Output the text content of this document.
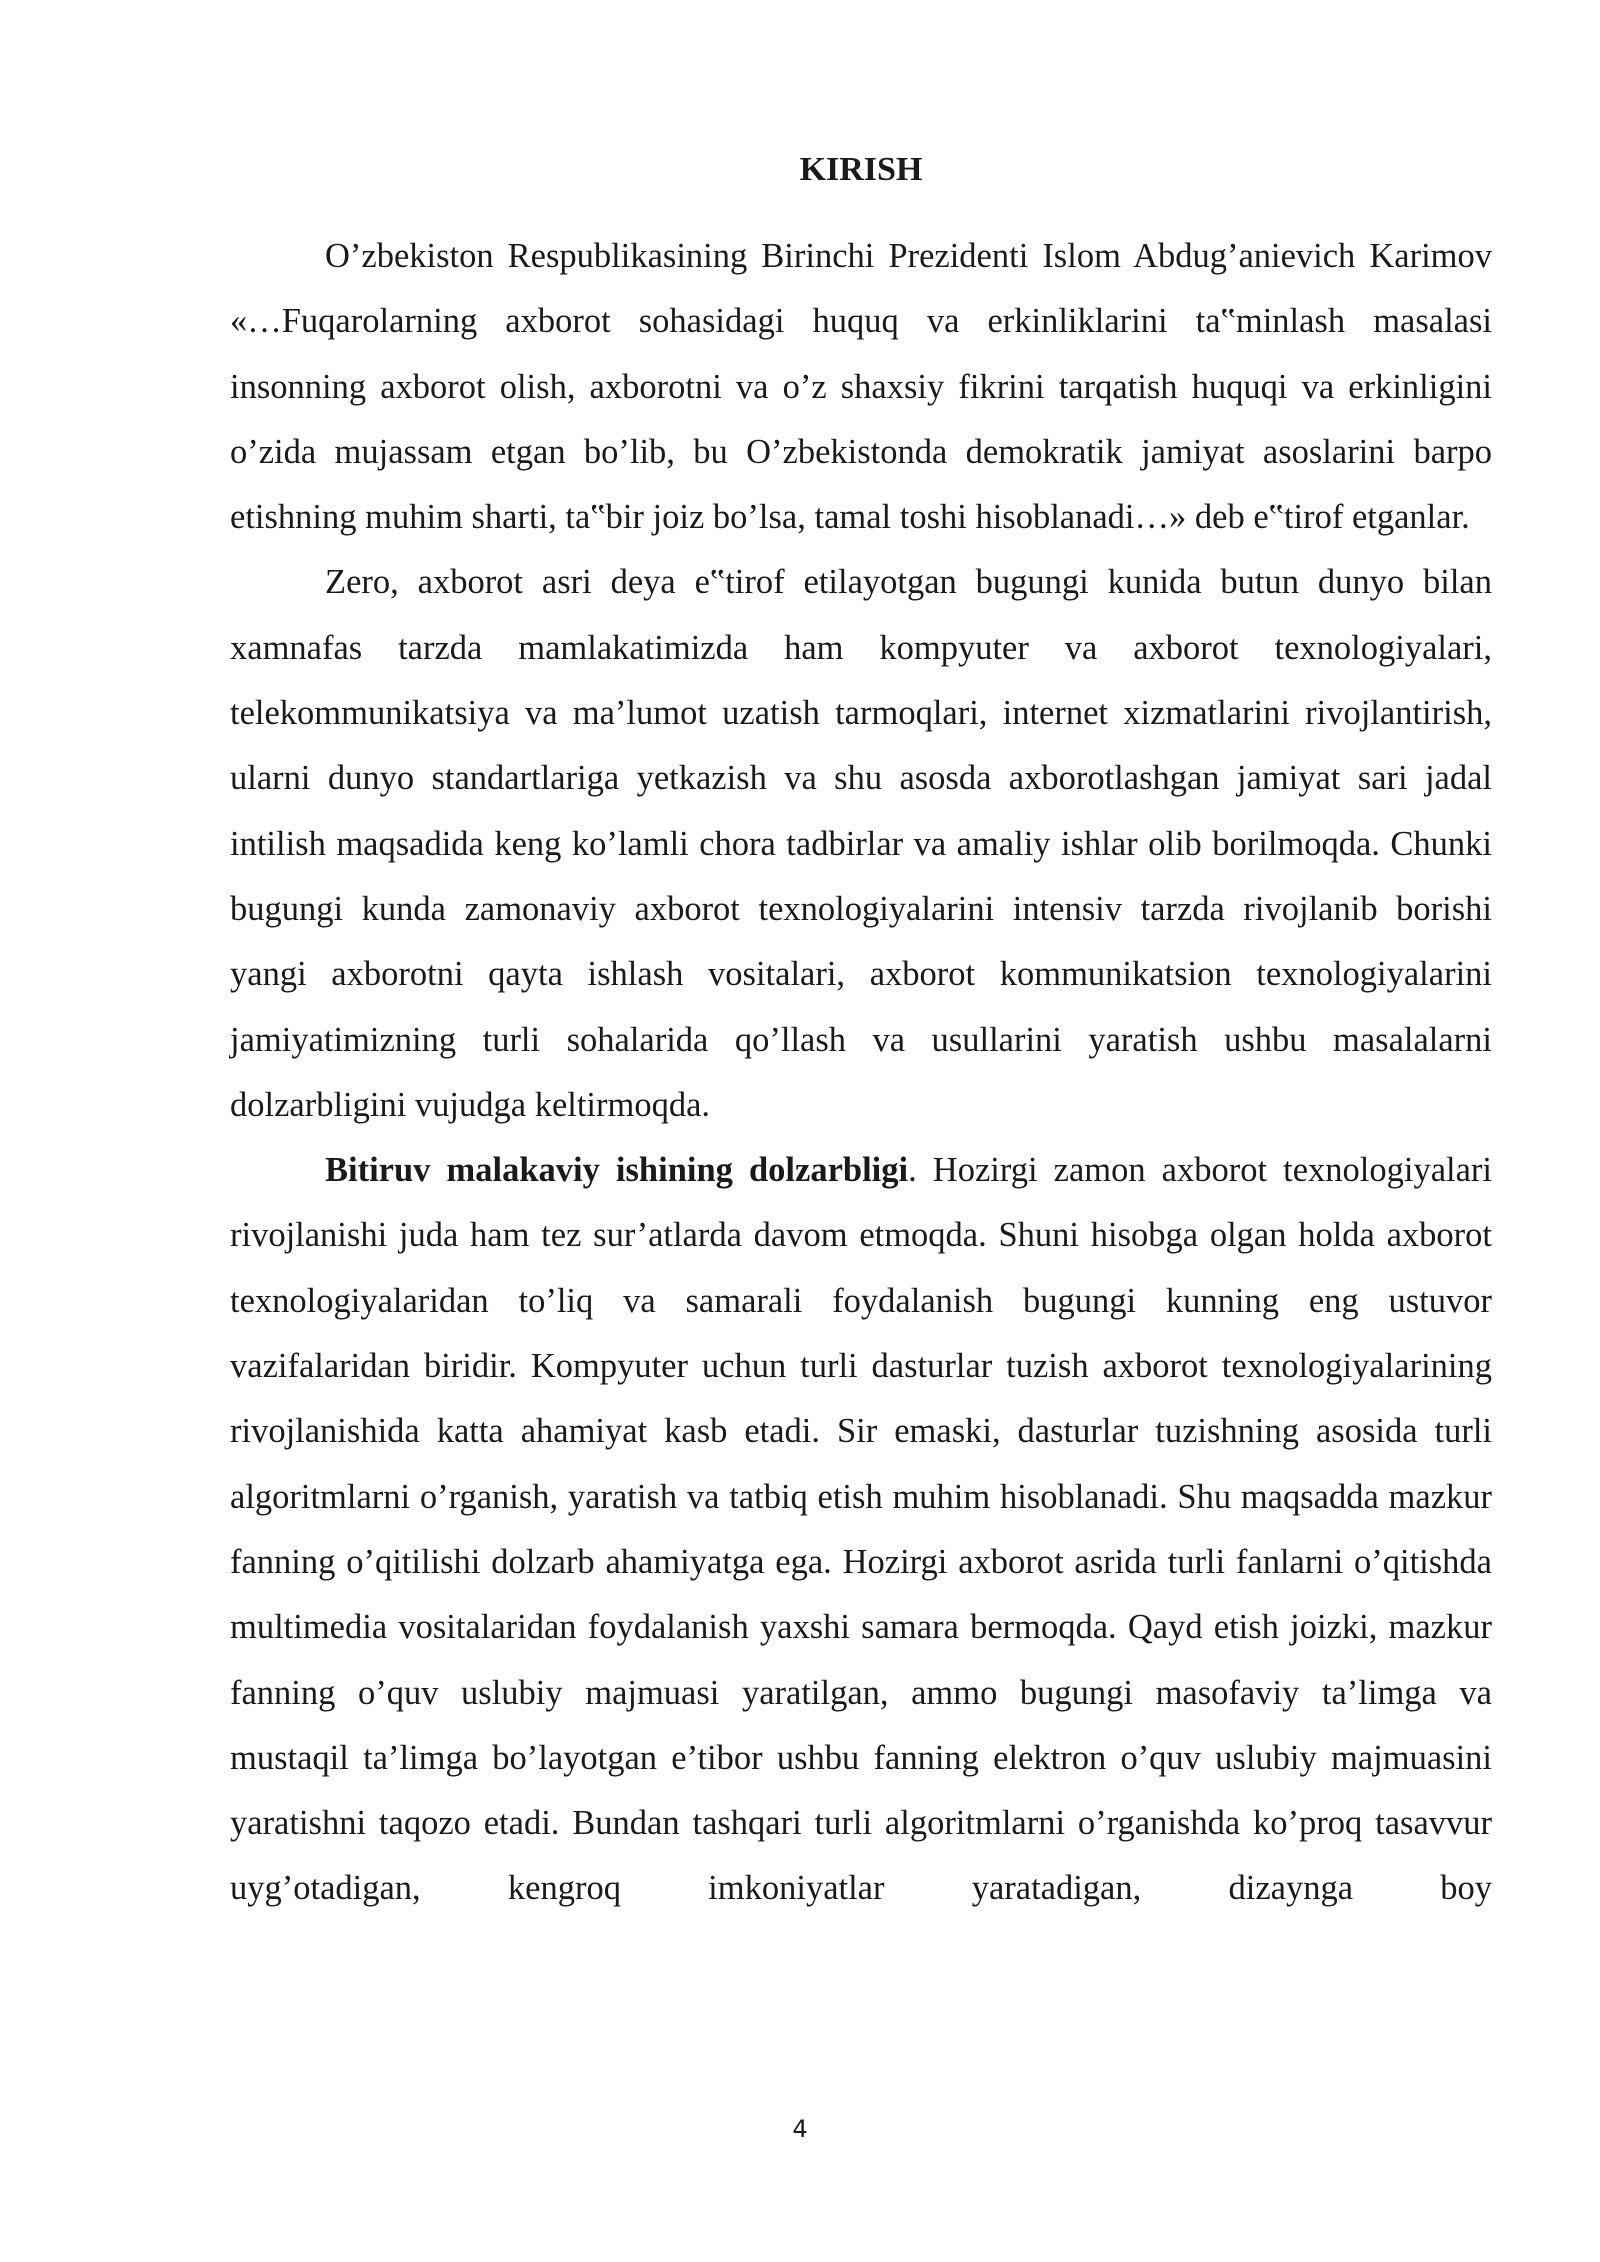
KIRISH

O’zbekiston Respublikasining Birinchi Prezidenti Islom Abdug’anievich Karimov «…Fuqarolarning axborot sohasidagi huquq va erkinliklarini ta‟minlash masalasi insonning axborot olish, axborotni va o’z shaxsiy fikrini tarqatish huquqi va erkinligini o’zida mujassam etgan bo’lib, bu O’zbekistonda demokratik jamiyat asoslarini barpo etishning muhim sharti, ta‟bir joiz bo’lsa, tamal toshi hisoblanadi…» deb e‟tirof etganlar.

Zero, axborot asri deya e‟tirof etilayotgan bugungi kunida butun dunyo bilan xamnafas tarzda mamlakatimizda ham kompyuter va axborot texnologiyalari, telekommunikatsiya va ma’lumot uzatish tarmoqlari, internet xizmatlarini rivojlantirish, ularni dunyo standartlariga yetkazish va shu asosda axborotlashgan jamiyat sari jadal intilish maqsadida keng ko’lamli chora tadbirlar va amaliy ishlar olib borilmoqda. Chunki bugungi kunda zamonaviy axborot texnologiyalarini intensiv tarzda rivojlanib borishi yangi axborotni qayta ishlash vositalari, axborot kommunikatsion texnologiyalarini jamiyatimizning turli sohalarida qo’llash va usullarini yaratish ushbu masalalarni dolzarbligini vujudga keltirmoqda.

Bitiruv malakaviy ishining dolzarbligi. Hozirgi zamon axborot texnologiyalari rivojlanishi juda ham tez sur’atlarda davom etmoqda. Shuni hisobga olgan holda axborot texnologiyalaridan to’liq va samarali foydalanish bugungi kunning eng ustuvor vazifalaridan biridir. Kompyuter uchun turli dasturlar tuzish axborot texnologiyalarining rivojlanishida katta ahamiyat kasb etadi. Sir emaski, dasturlar tuzishning asosida turli algoritmlarni o’rganish, yaratish va tatbiq etish muhim hisoblanadi. Shu maqsadda mazkur fanning o’qitilishi dolzarb ahamiyatga ega. Hozirgi axborot asrida turli fanlarni o’qitishda multimedia vositalaridan foydalanish yaxshi samara bermoqda. Qayd etish joizki, mazkur fanning o’quv uslubiy majmuasi yaratilgan, ammo bugungi masofaviy ta’limga va mustaqil ta’limga bo’layotgan e’tibor ushbu fanning elektron o’quv uslubiy majmuasini yaratishni taqozo etadi. Bundan tashqari turli algoritmlarni o’rganishda ko’proq tasavvur uyg’otadigan, kengroq imkoniyatlar yaratadigan, dizaynga boy

4
